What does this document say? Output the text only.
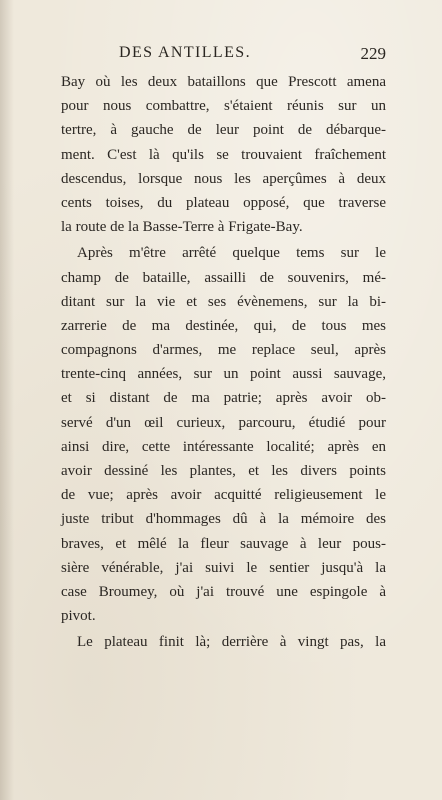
DES ANTILLES.	229
Bay où les deux bataillons que Prescott amena
pour nous combattre, s'étaient réunis sur un
tertre, à gauche de leur point de débarque-
ment. C'est là qu'ils se trouvaient fraîchement
descendus, lorsque nous les aperçûmes à deux
cents toises, du plateau opposé, que traverse
la route de la Basse-Terre à Frigate-Bay.
Après m'être arrêté quelque tems sur le
champ de bataille, assailli de souvenirs, mé-
ditant sur la vie et ses évènemens, sur la bi-
zarrerie de ma destinée, qui, de tous mes
compagnons d'armes, me replace seul, après
trente-cinq années, sur un point aussi sauvage,
et si distant de ma patrie; après avoir ob-
servé d'un œil curieux, parcouru, étudié pour
ainsi dire, cette intéressante localité; après en
avoir dessiné les plantes, et les divers points
de vue; après avoir acquitté religieusement le
juste tribut d'hommages dû à la mémoire des
braves, et mêlé la fleur sauvage à leur pous-
sière vénérable, j'ai suivi le sentier jusqu'à la
case Broumey, où j'ai trouvé une espingole à
pivot.
Le plateau finit là; derrière à vingt pas, la
